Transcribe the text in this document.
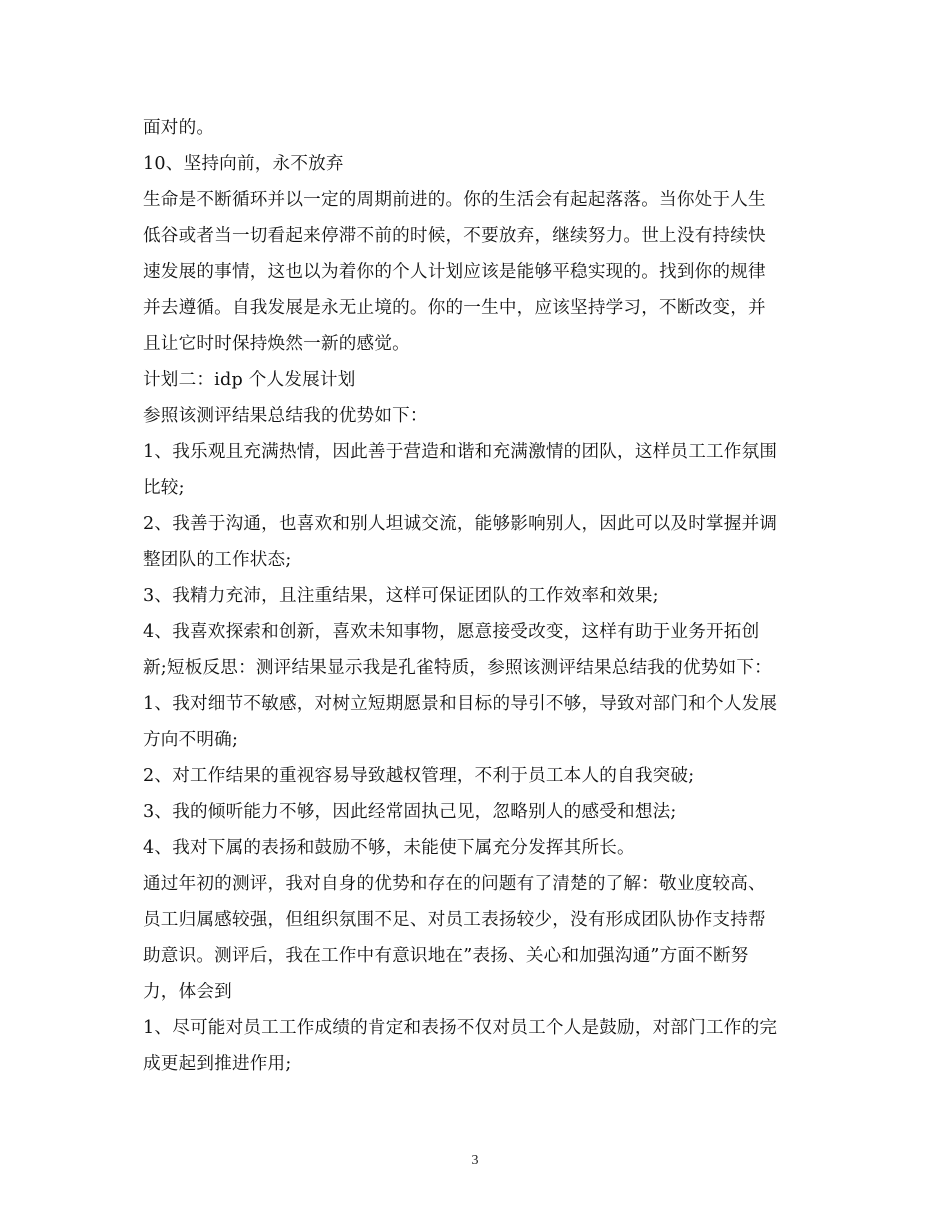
面对的。
10、坚持向前，永不放弃
生命是不断循环并以一定的周期前进的。你的生活会有起起落落。当你处于人生
低谷或者当一切看起来停滞不前的时候，不要放弃，继续努力。世上没有持续快
速发展的事情，这也以为着你的个人计划应该是能够平稳实现的。找到你的规律
并去遵循。自我发展是永无止境的。你的一生中，应该坚持学习，不断改变，并
且让它时时保持焕然一新的感觉。
计划二：idp 个人发展计划
参照该测评结果总结我的优势如下：
1、我乐观且充满热情，因此善于营造和谐和充满激情的团队，这样员工工作氛围
比较;
2、我善于沟通，也喜欢和别人坦诚交流，能够影响别人，因此可以及时掌握并调
整团队的工作状态;
3、我精力充沛，且注重结果，这样可保证团队的工作效率和效果;
4、我喜欢探索和创新，喜欢未知事物，愿意接受改变，这样有助于业务开拓创
新;短板反思：测评结果显示我是孔雀特质，参照该测评结果总结我的优势如下：
1、我对细节不敏感，对树立短期愿景和目标的导引不够，导致对部门和个人发展
方向不明确;
2、对工作结果的重视容易导致越权管理，不利于员工本人的自我突破;
3、我的倾听能力不够，因此经常固执己见，忽略别人的感受和想法;
4、我对下属的表扬和鼓励不够，未能使下属充分发挥其所长。
通过年初的测评，我对自身的优势和存在的问题有了清楚的了解：敬业度较高、
员工归属感较强，但组织氛围不足、对员工表扬较少，没有形成团队协作支持帮
助意识。测评后，我在工作中有意识地在”表扬、关心和加强沟通”方面不断努
力，体会到
1、尽可能对员工工作成绩的肯定和表扬不仅对员工个人是鼓励，对部门工作的完
成更起到推进作用;
3
